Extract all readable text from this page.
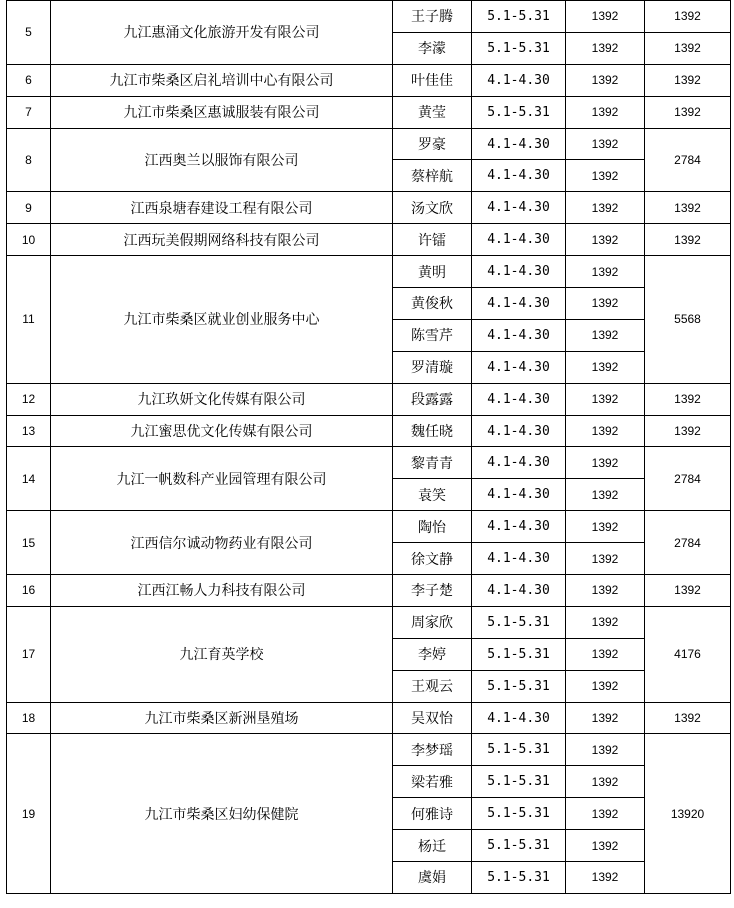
5	九江惠涌文化旅游开发有限公司	王子腾	5.1-5.31	1392	1392
		李濛	5.1-5.31	1392	1392
6	九江市柴桑区启礼培训中心有限公司	叶佳佳	4.1-4.30	1392	1392
7	九江市柴桑区惠诚服装有限公司	黄莹	5.1-5.31	1392	1392
8	江西奥兰以服饰有限公司	罗豪	4.1-4.30	1392	2784
		蔡梓航	4.1-4.30	1392	
9	江西泉塘春建设工程有限公司	汤文欣	4.1-4.30	1392	1392
10	江西玩美假期网络科技有限公司	许镭	4.1-4.30	1392	1392
11	九江市柴桑区就业创业服务中心	黄明	4.1-4.30	1392	5568
		黄俊秋	4.1-4.30	1392	
		陈雪芹	4.1-4.30	1392	
		罗清璇	4.1-4.30	1392	
12	九江玖妍文化传媒有限公司	段露露	4.1-4.30	1392	1392
13	九江蜜思优文化传媒有限公司	魏任晓	4.1-4.30	1392	1392
14	九江一帆数科产业园管理有限公司	黎青青	4.1-4.30	1392	2784
		袁笑	4.1-4.30	1392	
15	江西信尔诚动物药业有限公司	陶怡	4.1-4.30	1392	2784
		徐文静	4.1-4.30	1392	
16	江西江畅人力科技有限公司	李子楚	4.1-4.30	1392	1392
17	九江育英学校	周家欣	5.1-5.31	1392	4176
		李婷	5.1-5.31	1392	
		王观云	5.1-5.31	1392	
18	九江市柴桑区新洲垦殖场	吴双怡	4.1-4.30	1392	1392
19	九江市柴桑区妇幼保健院	李梦瑶	5.1-5.31	1392	13920
		梁若雅	5.1-5.31	1392	
		何雅诗	5.1-5.31	1392	
		杨迁	5.1-5.31	1392	
		虞娟	5.1-5.31	1392	
